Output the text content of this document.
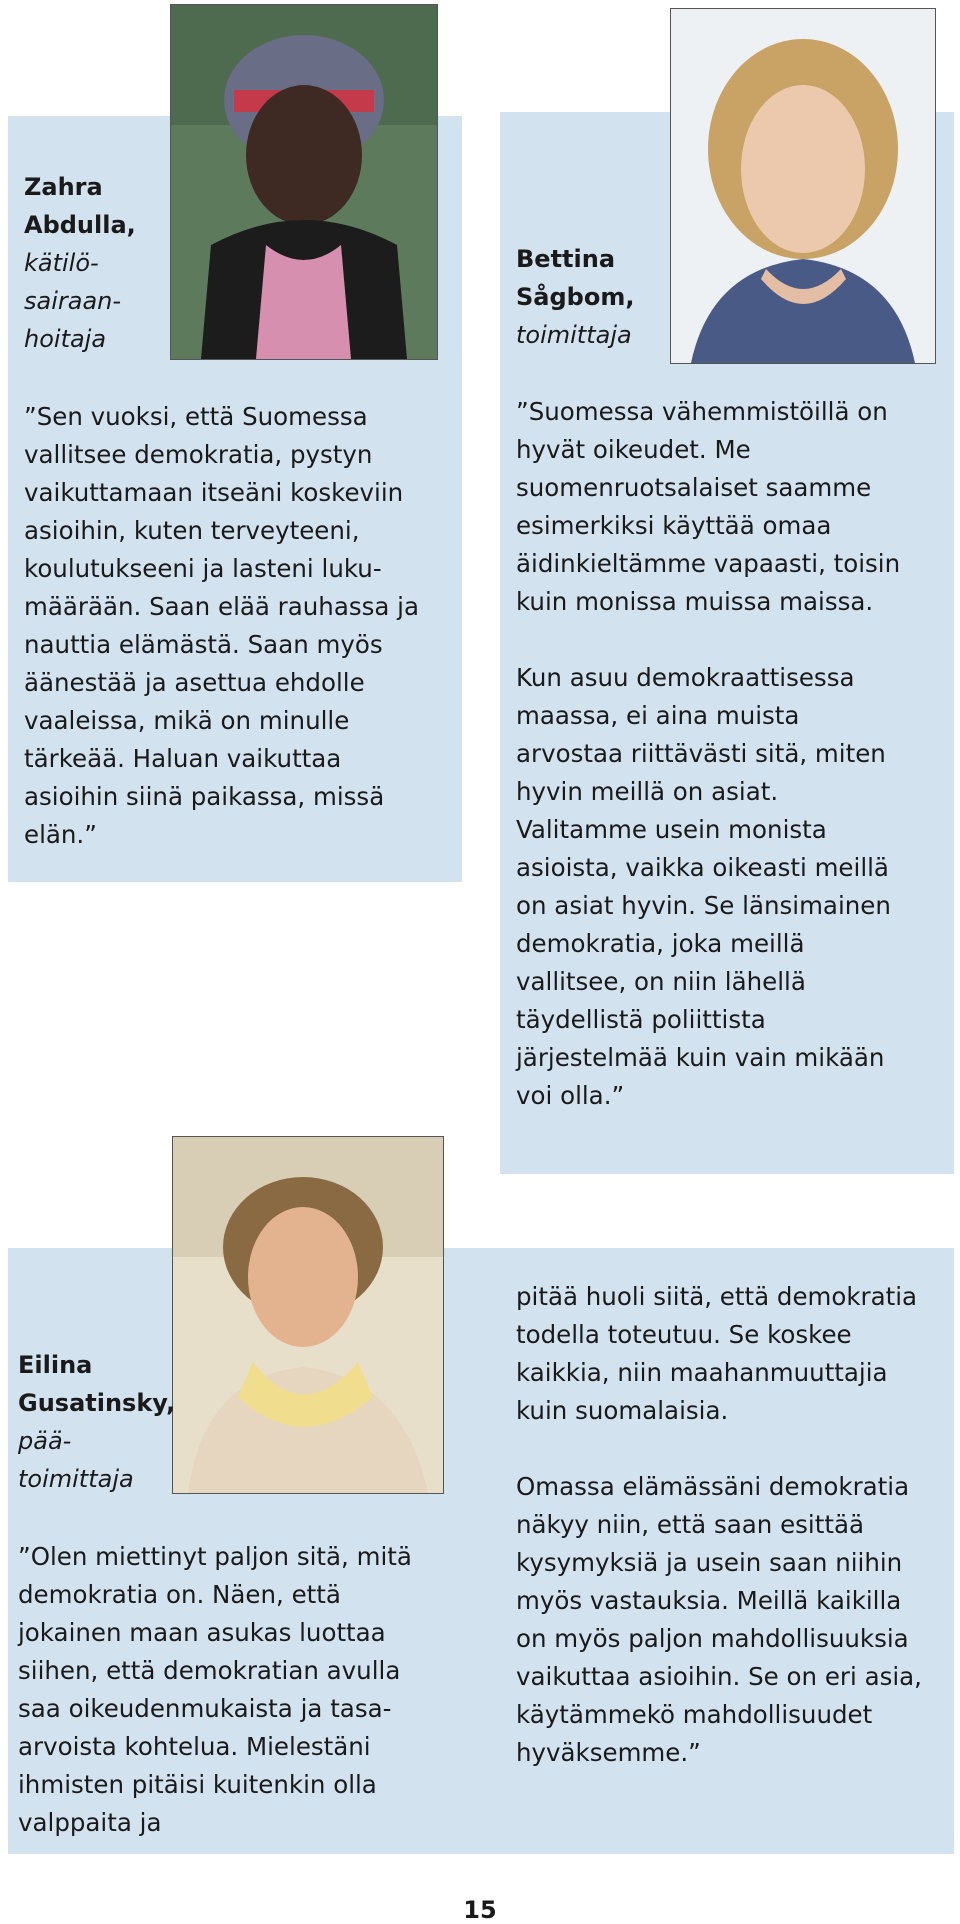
Zahra
Abdulla,
kätilö-
sairaan-
hoitaja

”Sen vuoksi, että Suomessa vallitsee demokratia, pystyn vaikuttamaan itseäni koskeviin asioihin, kuten terveyteeni, koulutukseeni ja lasteni luku-määrään. Saan elää rauhassa ja nauttia elämästä. Saan myös äänestää ja asettua ehdolle vaaleissa, mikä on minulle tärkeää. Haluan vaikuttaa asioihin siinä paikassa, missä elän.”

Bettina
Sågbom,
toimittaja

”Suomessa vähemmistöillä on hyvät oikeudet. Me suomenruotsalaiset saamme esimerkiksi käyttää omaa äidinkieltämme vapaasti, toisin kuin monissa muissa maissa.

Kun asuu demokraattisessa maassa, ei aina muista arvostaa riittävästi sitä, miten hyvin meillä on asiat. Valitamme usein monista asioista, vaikka oikeasti meillä on asiat hyvin. Se länsimainen demokratia, joka meillä vallitsee, on niin lähellä täydellistä poliittista järjestelmää kuin vain mikään voi olla.”

Eilina
Gusatinsky,
pää-
toimittaja

”Olen miettinyt paljon sitä, mitä demokratia on. Näen, että jokainen maan asukas luottaa siihen, että demokratian avulla saa oikeudenmukaista ja tasa-arvoista kohtelua. Mielestäni ihmisten pitäisi kuitenkin olla valppaita ja

pitää huoli siitä, että demokratia todella toteutuu. Se koskee kaikkia, niin maahanmuuttajia kuin suomalaisia.

Omassa elämässäni demokratia näkyy niin, että saan esittää kysymyksiä ja usein saan niihin myös vastauksia. Meillä kaikilla on myös paljon mahdollisuuksia vaikuttaa asioihin. Se on eri asia, käytämmekö mahdollisuudet hyväksemme.”

15
